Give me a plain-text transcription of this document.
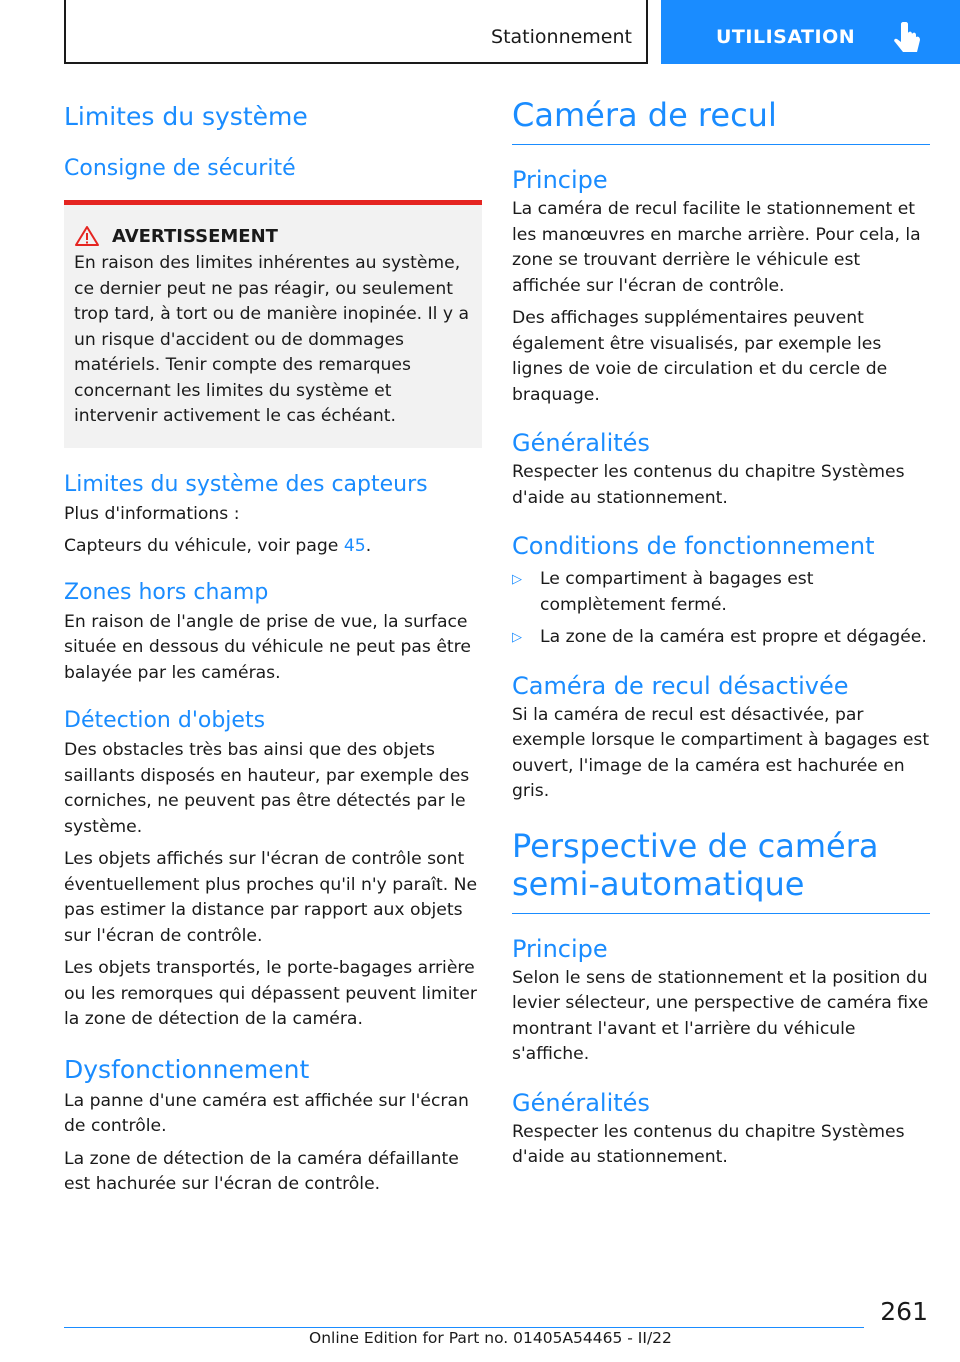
Stationnement	UTILISATION
Limites du système
Consigne de sécurité
AVERTISSEMENT

En raison des limites inhérentes au système, ce dernier peut ne pas réagir, ou seulement trop tard, à tort ou de manière inopinée. Il y a un risque d'accident ou de dommages matériels. Tenir compte des remarques concernant les limites du système et intervenir activement le cas échéant.

Limites du système des capteurs

Plus d'informations :

Capteurs du véhicule, voir page 45.

Zones hors champ

En raison de l'angle de prise de vue, la surface située en dessous du véhicule ne peut pas être balayée par les caméras.

Détection d'objets

Des obstacles très bas ainsi que des objets saillants disposés en hauteur, par exemple des corniches, ne peuvent pas être détectés par le système.

Les objets affichés sur l'écran de contrôle sont éventuellement plus proches qu'il n'y paraît. Ne pas estimer la distance par rapport aux objets sur l'écran de contrôle.

Les objets transportés, le porte-bagages arrière ou les remorques qui dépassent peuvent limiter la zone de détection de la caméra.

Dysfonctionnement

La panne d'une caméra est affichée sur l'écran de contrôle.

La zone de détection de la caméra défaillante est hachurée sur l'écran de contrôle.

Caméra de recul
Principe

La caméra de recul facilite le stationnement et les manœuvres en marche arrière. Pour cela, la zone se trouvant derrière le véhicule est affichée sur l'écran de contrôle.

Des affichages supplémentaires peuvent également être visualisés, par exemple les lignes de voie de circulation et du cercle de braquage.

Généralités

Respecter les contenus du chapitre Systèmes d'aide au stationnement.

Conditions de fonctionnement
▷ Le compartiment à bagages est complètement fermé.
▷ La zone de la caméra est propre et dégagée.
Caméra de recul désactivée

Si la caméra de recul est désactivée, par exemple lorsque le compartiment à bagages est ouvert, l'image de la caméra est hachurée en gris.

Perspective de caméra semi-automatique
Principe

Selon le sens de stationnement et la position du levier sélecteur, une perspective de caméra fixe montrant l'avant et l'arrière du véhicule s'affiche.

Généralités

Respecter les contenus du chapitre Systèmes d'aide au stationnement.

261
Online Edition for Part no. 01405A54465 - II/22
